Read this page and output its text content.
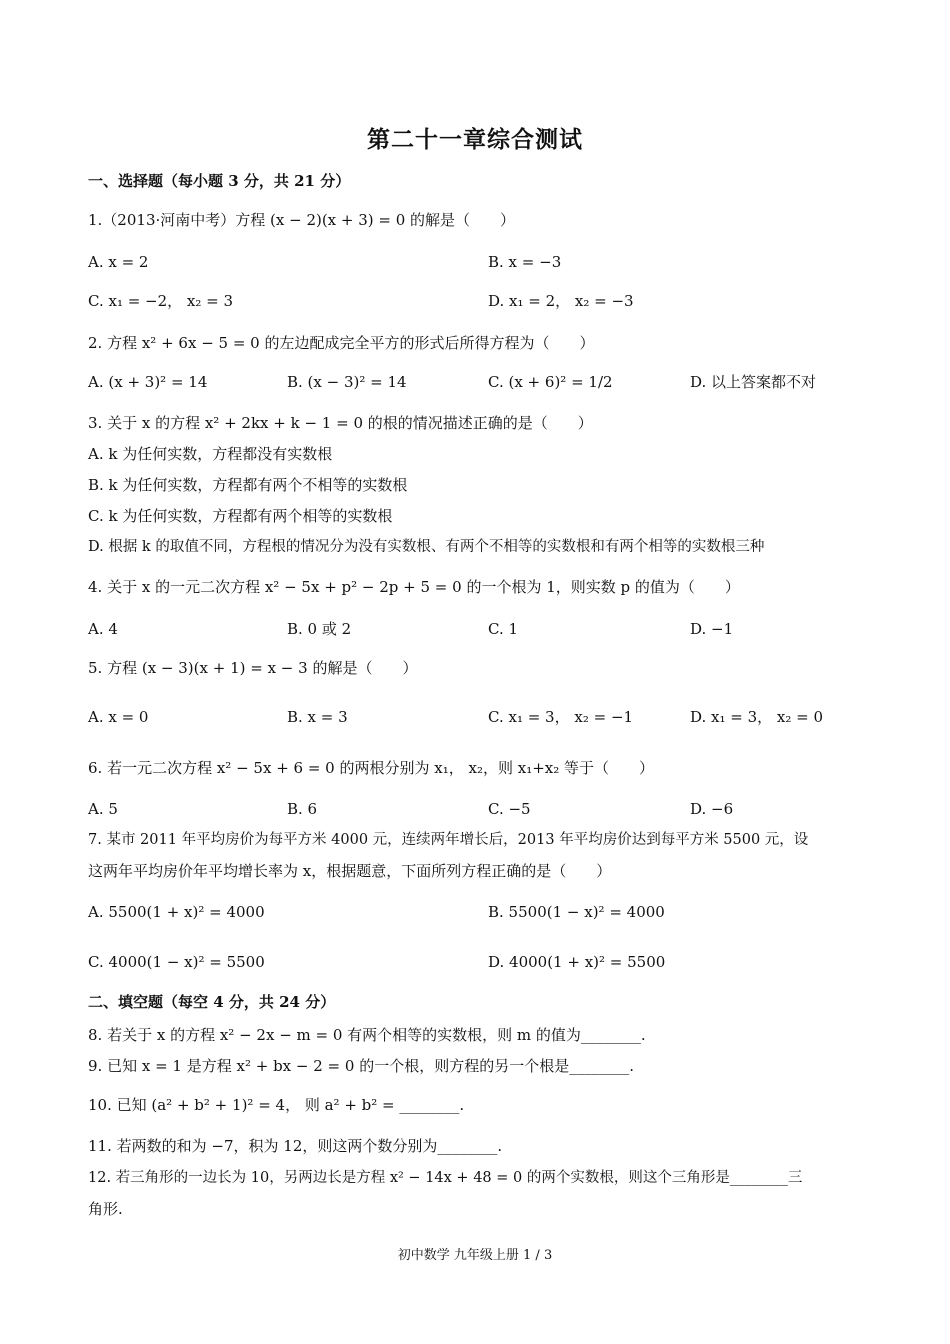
第二十一章综合测试
一、选择题（每小题 3 分，共 21 分）
1.（2013·河南中考）方程 (x − 2)(x + 3) = 0 的解是（　　）
A. x = 2	B. x = −3
C. x₁ = −2， x₂ = 3	D. x₁ = 2， x₂ = −3
2. 方程 x² + 6x − 5 = 0 的左边配成完全平方的形式后所得方程为（　　）
A. (x + 3)² = 14	B. (x − 3)² = 14	C. (x + 6)² = 1/2	D. 以上答案都不对
3. 关于 x 的方程 x² + 2kx + k − 1 = 0 的根的情况描述正确的是（　　）
A. k 为任何实数，方程都没有实数根
B. k 为任何实数，方程都有两个不相等的实数根
C. k 为任何实数，方程都有两个相等的实数根
D. 根据 k 的取值不同，方程根的情况分为没有实数根、有两个不相等的实数根和有两个相等的实数根三种
4. 关于 x 的一元二次方程 x² − 5x + p² − 2p + 5 = 0 的一个根为 1，则实数 p 的值为（　　）
A. 4	B. 0 或 2	C. 1	D. −1
5. 方程 (x − 3)(x + 1) = x − 3 的解是（　　）
A. x = 0	B. x = 3	C. x₁ = 3， x₂ = −1	D. x₁ = 3， x₂ = 0
6. 若一元二次方程 x² − 5x + 6 = 0 的两根分别为 x₁， x₂，则 x₁+x₂ 等于（　　）
A. 5	B. 6	C. −5	D. −6
7. 某市 2011 年平均房价为每平方米 4000 元，连续两年增长后，2013 年平均房价达到每平方米 5500 元，设
这两年平均房价年平均增长率为 x，根据题意，下面所列方程正确的是（　　）
A. 5500(1 + x)² = 4000	B. 5500(1 − x)² = 4000
C. 4000(1 − x)² = 5500	D. 4000(1 + x)² = 5500
二、填空题（每空 4 分，共 24 分）
8. 若关于 x 的方程 x² − 2x − m = 0 有两个相等的实数根，则 m 的值为________.
9. 已知 x = 1 是方程 x² + bx − 2 = 0 的一个根，则方程的另一个根是________.
10. 已知 (a² + b² + 1)² = 4， 则 a² + b² = ________.
11. 若两数的和为 −7，积为 12，则这两个数分别为________.
12. 若三角形的一边长为 10，另两边长是方程 x² − 14x + 48 = 0 的两个实数根，则这个三角形是________三
角形.
初中数学 九年级上册 1 / 3
